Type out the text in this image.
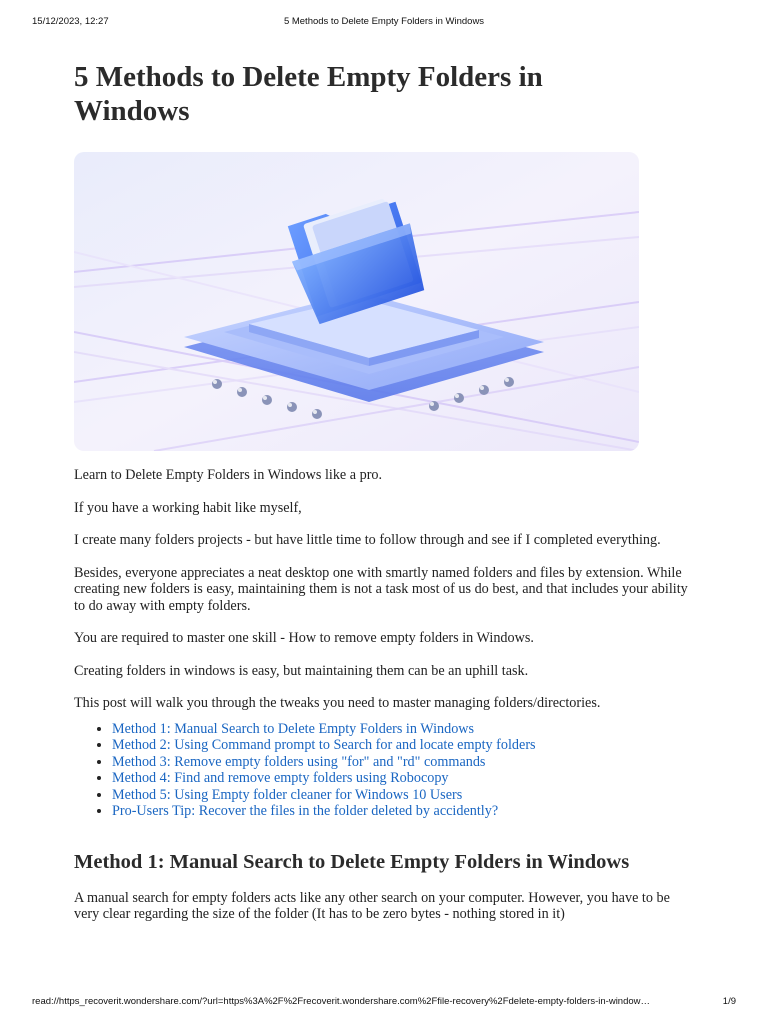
15/12/2023, 12:27	5 Methods to Delete Empty Folders in Windows
5 Methods to Delete Empty Folders in Windows

Learn to Delete Empty Folders in Windows like a pro.

If you have a working habit like myself,

I create many folders projects - but have little time to follow through and see if I completed everything.

Besides, everyone appreciates a neat desktop one with smartly named folders and files by extension. While creating new folders is easy, maintaining them is not a task most of us do best, and that includes your ability to do away with empty folders.

You are required to master one skill - How to remove empty folders in Windows.

Creating folders in windows is easy, but maintaining them can be an uphill task.

This post will walk you through the tweaks you need to master managing folders/directories.

• Method 1: Manual Search to Delete Empty Folders in Windows
• Method 2: Using Command prompt to Search for and locate empty folders
• Method 3: Remove empty folders using "for" and "rd" commands
• Method 4: Find and remove empty folders using Robocopy
• Method 5: Using Empty folder cleaner for Windows 10 Users
• Pro-Users Tip: Recover the files in the folder deleted by accidently?
Method 1: Manual Search to Delete Empty Folders in Windows

A manual search for empty folders acts like any other search on your computer. However, you have to be very clear regarding the size of the folder (It has to be zero bytes - nothing stored in it)

read://https_recoverit.wondershare.com/?url=https%3A%2F%2Frecoverit.wondershare.com%2Ffile-recovery%2Fdelete-empty-folders-in-window…	1/9
